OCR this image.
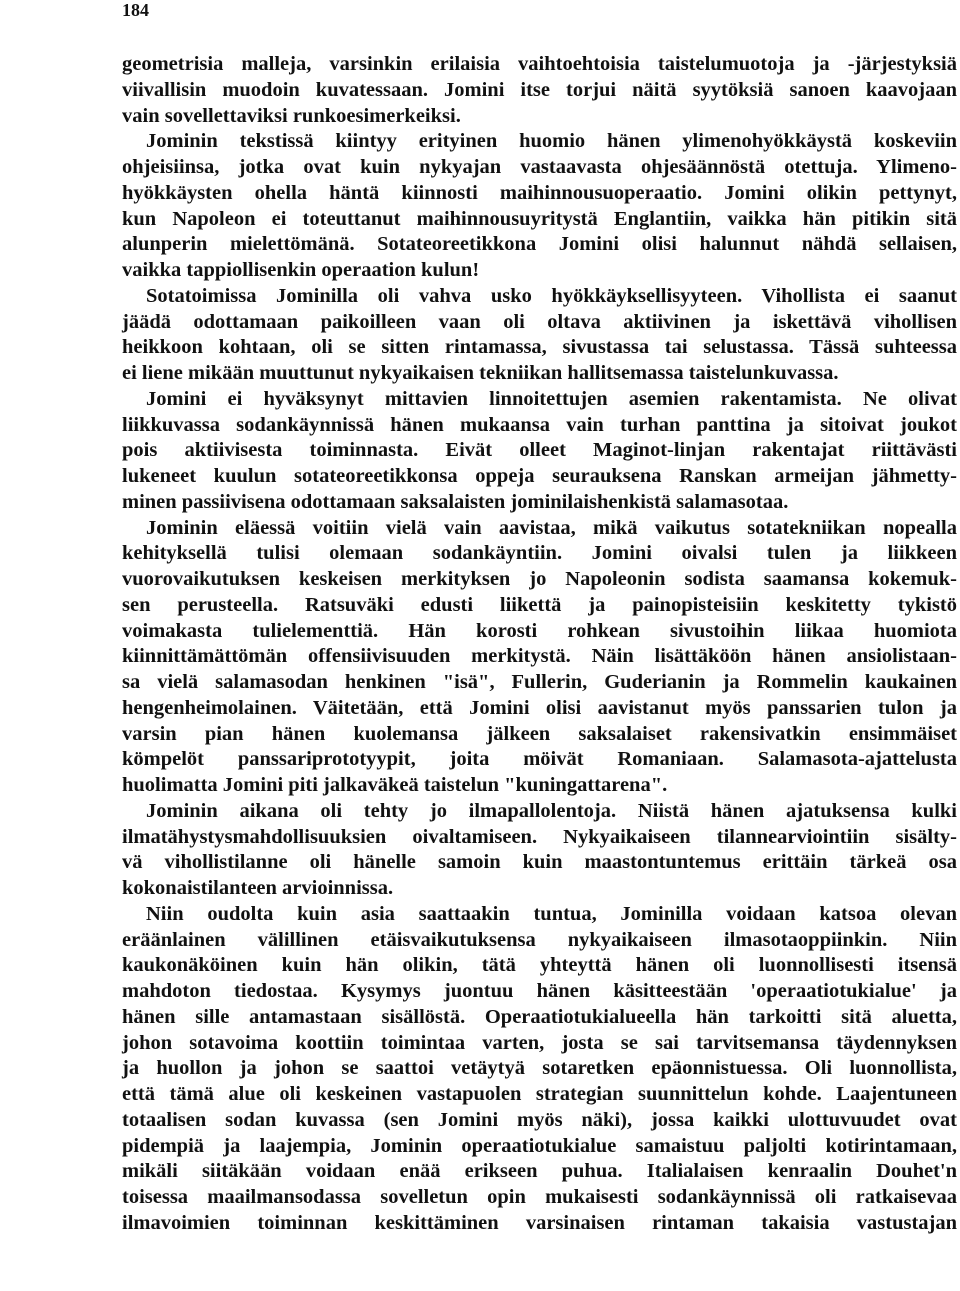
184
geometrisia malleja, varsinkin erilaisia vaihtoehtoisia taistelumuotoja ja -järjestyksiä
viivallisin muodoin kuvatessaan. Jomini itse torjui näitä syytöksiä sanoen kaavojaan
vain sovellettaviksi runkoesimerkeiksi.
Jominin tekstissä kiintyy erityinen huomio hänen ylimenohyökkäystä koskeviin
ohjeisiinsa, jotka ovat kuin nykyajan vastaavasta ohjesäännöstä otettuja. Ylimeno-
hyökkäysten ohella häntä kiinnosti maihinnousuoperaatio. Jomini olikin pettynyt,
kun Napoleon ei toteuttanut maihinnousuyritystä Englantiin, vaikka hän pitikin sitä
alunperin mielettömänä. Sotateoreetikkona Jomini olisi halunnut nähdä sellaisen,
vaikka tappiollisenkin operaation kulun!
Sotatoimissa Jominilla oli vahva usko hyökkäyksellisyyteen. Vihollista ei saanut
jäädä odottamaan paikoilleen vaan oli oltava aktiivinen ja iskettävä vihollisen
heikkoon kohtaan, oli se sitten rintamassa, sivustassa tai selustassa. Tässä suhteessa
ei liene mikään muuttunut nykyaikaisen tekniikan hallitsemassa taistelunkuvassa.
Jomini ei hyväksynyt mittavien linnoitettujen asemien rakentamista. Ne olivat
liikkuvassa sodankäynnissä hänen mukaansa vain turhan panttina ja sitoivat joukot
pois aktiivisesta toiminnasta. Eivät olleet Maginot-linjan rakentajat riittävästi
lukeneet kuulun sotateoreetikkonsa oppeja seurauksena Ranskan armeijan jähmetty-
minen passiivisena odottamaan saksalaisten jominilaishenkistä salamasotaa.
Jominin eläessä voitiin vielä vain aavistaa, mikä vaikutus sotatekniikan nopealla
kehityksellä tulisi olemaan sodankäyntiin. Jomini oivalsi tulen ja liikkeen
vuorovaikutuksen keskeisen merkityksen jo Napoleonin sodista saamansa kokemuk-
sen perusteella. Ratsuväki edusti liikettä ja painopisteisiin keskitetty tykistö
voimakasta tulielementtiä. Hän korosti rohkean sivustoihin liikaa huomiota
kiinnittämättömän offensiivisuuden merkitystä. Näin lisättäköön hänen ansiolistaan-
sa vielä salamasodan henkinen "isä", Fullerin, Guderianin ja Rommelin kaukainen
hengenheimolainen. Väitetään, että Jomini olisi aavistanut myös panssarien tulon ja
varsin pian hänen kuolemansa jälkeen saksalaiset rakensivatkin ensimmäiset
kömpelöt panssariprototyypit, joita möivät Romaniaan. Salamasota-ajattelusta
huolimatta Jomini piti jalkaväkeä taistelun "kuningattarena".
Jominin aikana oli tehty jo ilmapallolentoja. Niistä hänen ajatuksensa kulki
ilmatähystysmahdollisuuksien oivaltamiseen. Nykyaikaiseen tilannearviointiin sisälty-
vä vihollistilanne oli hänelle samoin kuin maastontuntemus erittäin tärkeä osa
kokonaistilanteen arvioinnissa.
Niin oudolta kuin asia saattaakin tuntua, Jominilla voidaan katsoa olevan
eräänlainen välillinen etäisvaikutuksensa nykyaikaiseen ilmasotaoppiinkin. Niin
kaukonäköinen kuin hän olikin, tätä yhteyttä hänen oli luonnollisesti itsensä
mahdoton tiedostaa. Kysymys juontuu hänen käsitteestään 'operaatiotukialue' ja
hänen sille antamastaan sisällöstä. Operaatiotukialueella hän tarkoitti sitä aluetta,
johon sotavoima koottiin toimintaa varten, josta se sai tarvitsemansa täydennyksen
ja huollon ja johon se saattoi vetäytyä sotaretken epäonnistuessa. Oli luonnollista,
että tämä alue oli keskeinen vastapuolen strategian suunnittelun kohde. Laajentuneen
totaalisen sodan kuvassa (sen Jomini myös näki), jossa kaikki ulottuvuudet ovat
pidempiä ja laajempia, Jominin operaatiotukialue samaistuu paljolti kotirintamaan,
mikäli siitäkään voidaan enää erikseen puhua. Italialaisen kenraalin Douhet'n
toisessa maailmansodassa sovelletun opin mukaisesti sodankäynnissä oli ratkaisevaa
ilmavoimien toiminnan keskittäminen varsinaisen rintaman takaisia vastustajan
